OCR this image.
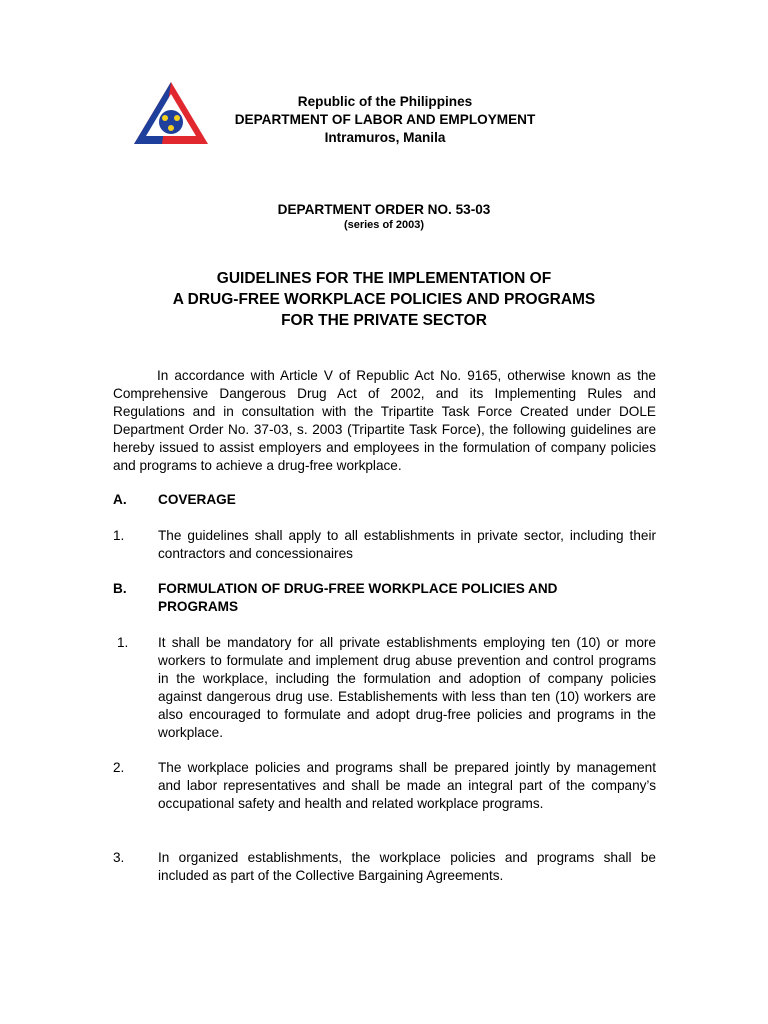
Republic of the Philippines
DEPARTMENT OF LABOR AND EMPLOYMENT
Intramuros, Manila
DEPARTMENT ORDER NO. 53-03
(series of 2003)
GUIDELINES FOR THE IMPLEMENTATION OF
A DRUG-FREE WORKPLACE POLICIES AND PROGRAMS
FOR THE PRIVATE SECTOR
In accordance with Article V of Republic Act No. 9165, otherwise known as the Comprehensive Dangerous Drug Act of 2002, and its Implementing Rules and Regulations and in consultation with the Tripartite Task Force Created under DOLE Department Order No. 37-03, s. 2003 (Tripartite Task Force), the following guidelines are hereby issued to assist employers and employees in the formulation of company policies and programs to achieve a drug-free workplace.
A. COVERAGE
1. The guidelines shall apply to all establishments in private sector, including their contractors and concessionaires
B. FORMULATION OF DRUG-FREE WORKPLACE POLICIES AND PROGRAMS
1. It shall be mandatory for all private establishments employing ten (10) or more workers to formulate and implement drug abuse prevention and control programs in the workplace, including the formulation and adoption of company policies against dangerous drug use. Establishements with less than ten (10) workers are also encouraged to formulate and adopt drug-free policies and programs in the workplace.
2. The workplace policies and programs shall be prepared jointly by management and labor representatives and shall be made an integral part of the company’s occupational safety and health and related workplace programs.
3. In organized establishments, the workplace policies and programs shall be included as part of the Collective Bargaining Agreements.
